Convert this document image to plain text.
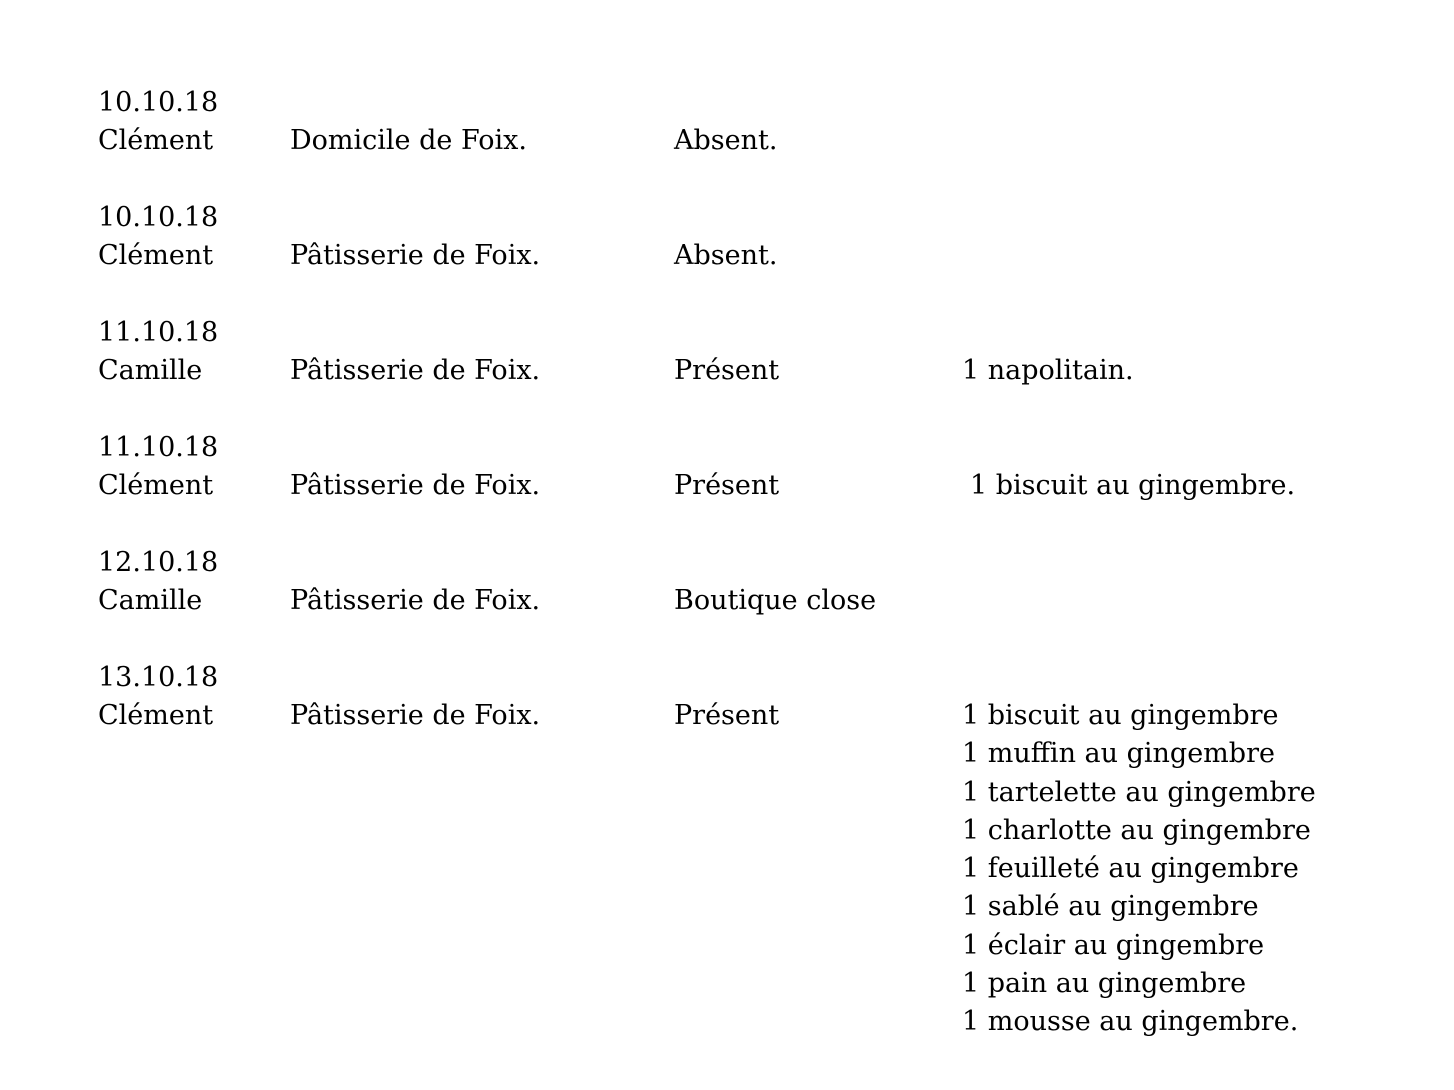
10.10.18
Clément	Domicile de Foix.	Absent.
10.10.18
Clément	Pâtisserie de Foix.	Absent.
11.10.18
Camille	Pâtisserie de Foix.	Présent	1 napolitain.
11.10.18
Clément	Pâtisserie de Foix.	Présent	1 biscuit au gingembre.
12.10.18
Camille	Pâtisserie de Foix.	Boutique close
13.10.18
Clément	Pâtisserie de Foix.	Présent	1 biscuit au gingembre
1 muffin au gingembre
1 tartelette au gingembre
1 charlotte au gingembre
1 feuilleté au gingembre
1 sablé au gingembre
1 éclair au gingembre
1 pain au gingembre
1 mousse au gingembre.
